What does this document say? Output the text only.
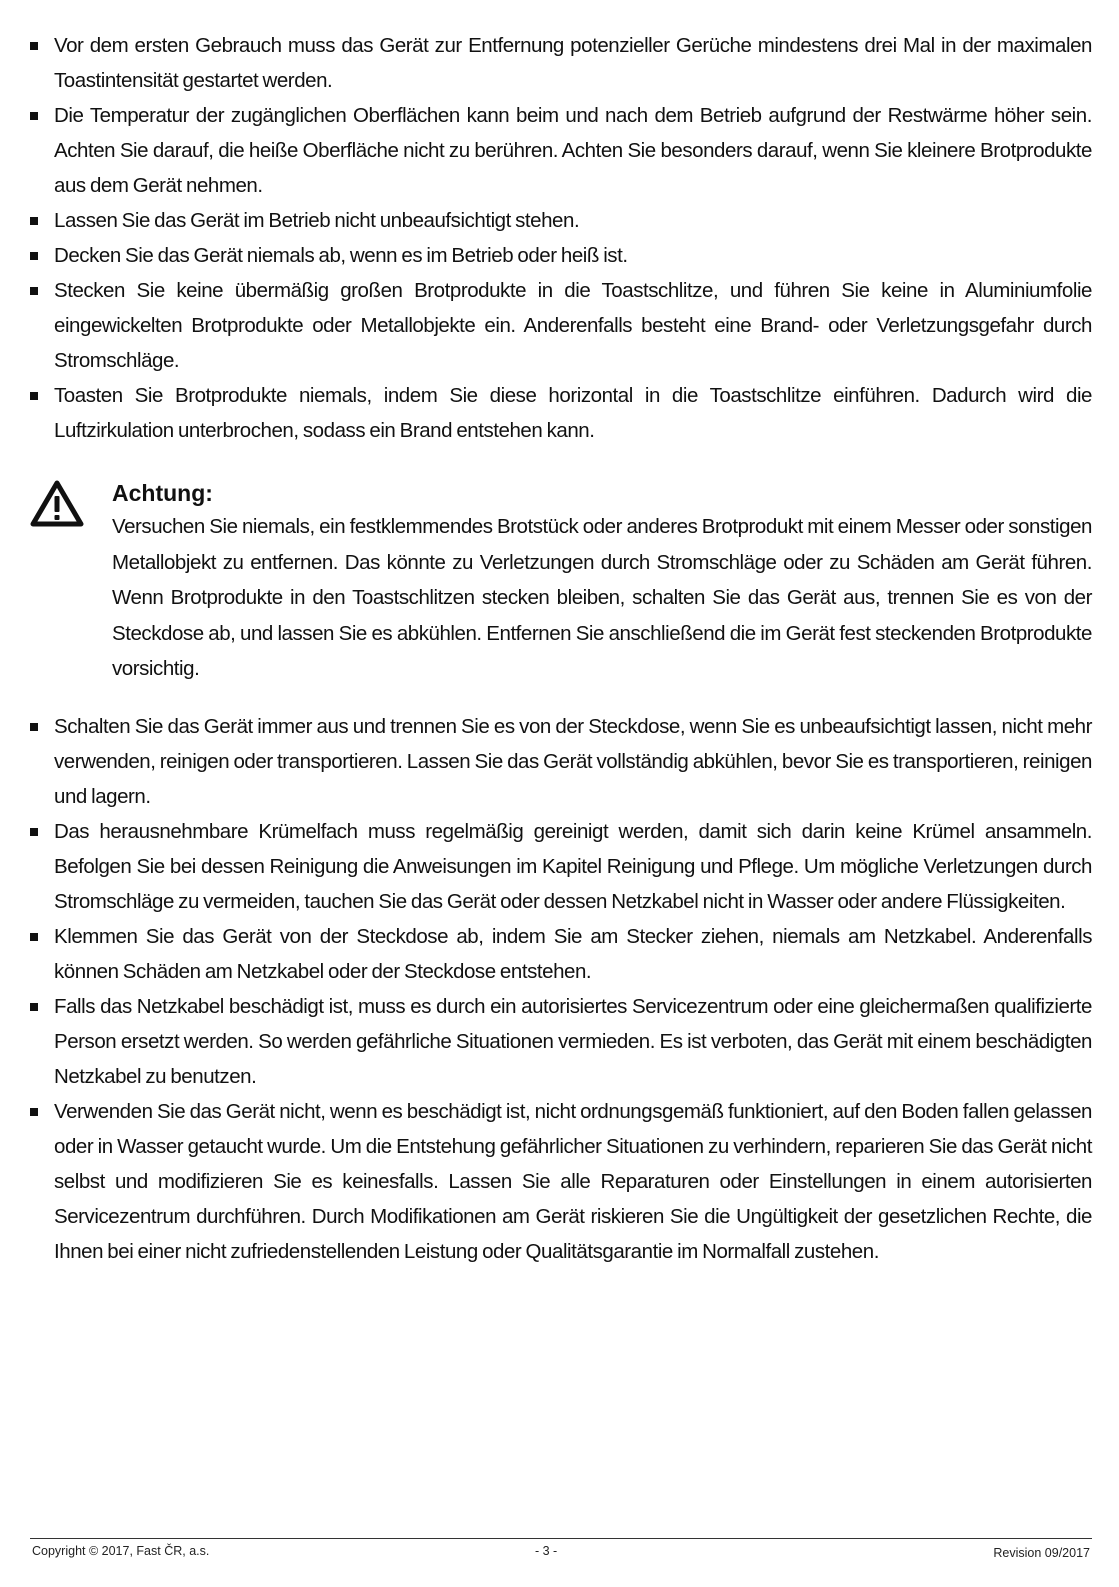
Vor dem ersten Gebrauch muss das Gerät zur Entfernung potenzieller Gerüche mindestens drei Mal in der maximalen Toastintensität gestartet werden.
Die Temperatur der zugänglichen Oberflächen kann beim und nach dem Betrieb aufgrund der Restwärme höher sein. Achten Sie darauf, die heiße Oberfläche nicht zu berühren. Achten Sie besonders darauf, wenn Sie kleinere Brotprodukte aus dem Gerät nehmen.
Lassen Sie das Gerät im Betrieb nicht unbeaufsichtigt stehen.
Decken Sie das Gerät niemals ab, wenn es im Betrieb oder heiß ist.
Stecken Sie keine übermäßig großen Brotprodukte in die Toastschlitze, und führen Sie keine in Aluminiumfolie eingewickelten Brotprodukte oder Metallobjekte ein. Anderenfalls besteht eine Brand- oder Verletzungsgefahr durch Stromschläge.
Toasten Sie Brotprodukte niemals, indem Sie diese horizontal in die Toastschlitze einführen. Dadurch wird die Luftzirkulation unterbrochen, sodass ein Brand entstehen kann.

Achtung:

Versuchen Sie niemals, ein festklemmendes Brotstück oder anderes Brotprodukt mit einem Messer oder sonstigen Metallobjekt zu entfernen. Das könnte zu Verletzungen durch Stromschläge oder zu Schäden am Gerät führen. Wenn Brotprodukte in den Toastschlitzen stecken bleiben, schalten Sie das Gerät aus, trennen Sie es von der Steckdose ab, und lassen Sie es abkühlen. Entfernen Sie anschließend die im Gerät fest steckenden Brotprodukte vorsichtig.

Schalten Sie das Gerät immer aus und trennen Sie es von der Steckdose, wenn Sie es unbeaufsichtigt lassen, nicht mehr verwenden, reinigen oder transportieren. Lassen Sie das Gerät vollständig abkühlen, bevor Sie es transportieren, reinigen und lagern.
Das herausnehmbare Krümelfach muss regelmäßig gereinigt werden, damit sich darin keine Krümel ansammeln. Befolgen Sie bei dessen Reinigung die Anweisungen im Kapitel Reinigung und Pflege. Um mögliche Verletzungen durch Stromschläge zu vermeiden, tauchen Sie das Gerät oder dessen Netzkabel nicht in Wasser oder andere Flüssigkeiten.
Klemmen Sie das Gerät von der Steckdose ab, indem Sie am Stecker ziehen, niemals am Netzkabel. Anderenfalls können Schäden am Netzkabel oder der Steckdose entstehen.
Falls das Netzkabel beschädigt ist, muss es durch ein autorisiertes Servicezentrum oder eine gleichermaßen qualifizierte Person ersetzt werden. So werden gefährliche Situationen vermieden. Es ist verboten, das Gerät mit einem beschädigten Netzkabel zu benutzen.
Verwenden Sie das Gerät nicht, wenn es beschädigt ist, nicht ordnungsgemäß funktioniert, auf den Boden fallen gelassen oder in Wasser getaucht wurde. Um die Entstehung gefährlicher Situationen zu verhindern, reparieren Sie das Gerät nicht selbst und modifizieren Sie es keinesfalls. Lassen Sie alle Reparaturen oder Einstellungen in einem autorisierten Servicezentrum durchführen. Durch Modifikationen am Gerät riskieren Sie die Ungültigkeit der gesetzlichen Rechte, die Ihnen bei einer nicht zufriedenstellenden Leistung oder Qualitätsgarantie im Normalfall zustehen.
Copyright © 2017, Fast ČR, a.s.	- 3 -	Revision 09/2017
